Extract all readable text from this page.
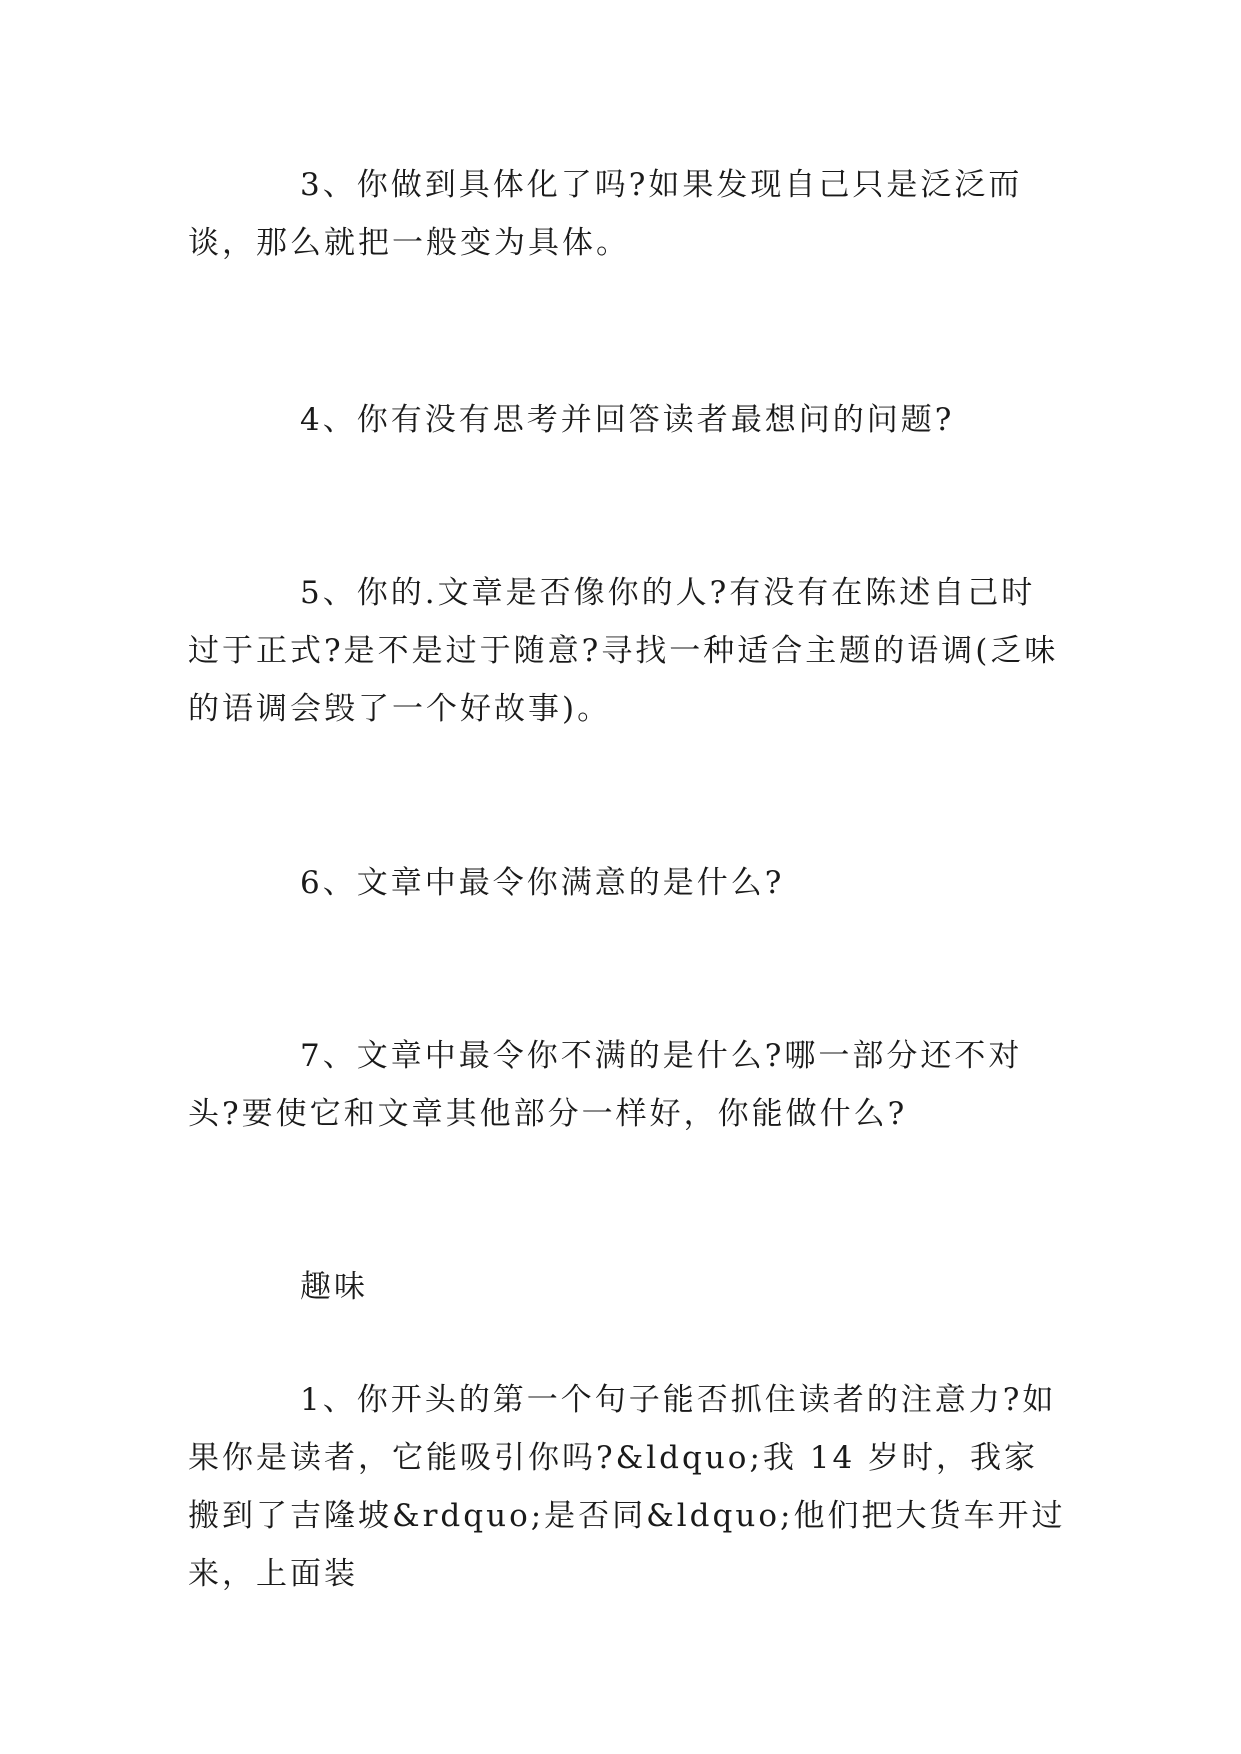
3、你做到具体化了吗?如果发现自己只是泛泛而谈，那么就把一般变为具体。

4、你有没有思考并回答读者最想问的问题?

5、你的.文章是否像你的人?有没有在陈述自己时过于正式?是不是过于随意?寻找一种适合主题的语调(乏味的语调会毁了一个好故事)。

6、文章中最令你满意的是什么?

7、文章中最令你不满的是什么?哪一部分还不对头?要使它和文章其他部分一样好，你能做什么?

趣味

1、你开头的第一个句子能否抓住读者的注意力?如果你是读者，它能吸引你吗?&ldquo;我 14 岁时，我家搬到了吉隆坡&rdquo;是否同&ldquo;他们把大货车开过来，上面装
